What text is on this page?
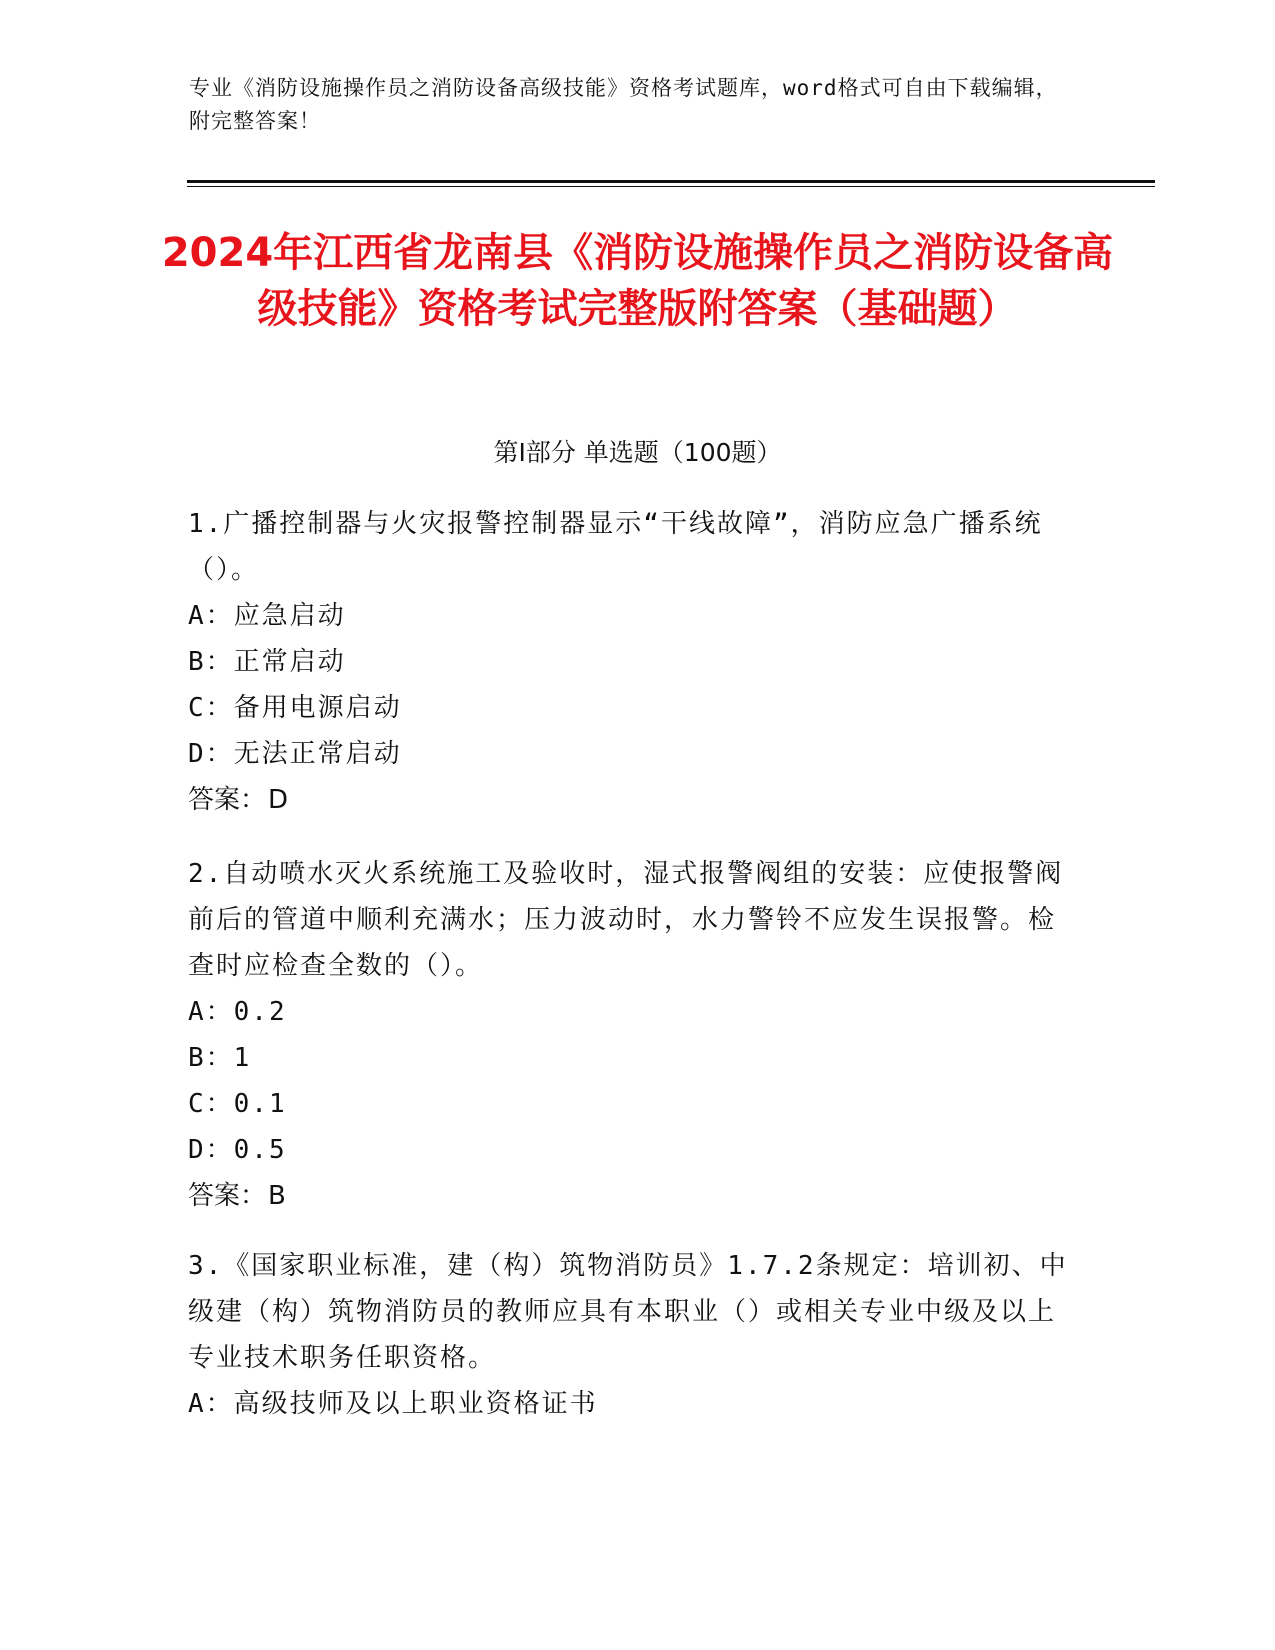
专业《消防设施操作员之消防设备高级技能》资格考试题库，word格式可自由下载编辑，附完整答案！
2024年江西省龙南县《消防设施操作员之消防设备高级技能》资格考试完整版附答案（基础题）
第Ⅰ部分 单选题（100题）
1.广播控制器与火灾报警控制器显示“干线故障”，消防应急广播系统（）。
A：应急启动
B：正常启动
C：备用电源启动
D：无法正常启动
答案：D
2.自动喷水灭火系统施工及验收时，湿式报警阀组的安装：应使报警阀前后的管道中顺利充满水；压力波动时，水力警铃不应发生误报警。检查时应检查全数的（）。
A：0.2
B：1
C：0.1
D：0.5
答案：B
3.《国家职业标准，建（构）筑物消防员》1.7.2条规定：培训初、中级建（构）筑物消防员的教师应具有本职业（）或相关专业中级及以上专业技术职务任职资格。
A：高级技师及以上职业资格证书
